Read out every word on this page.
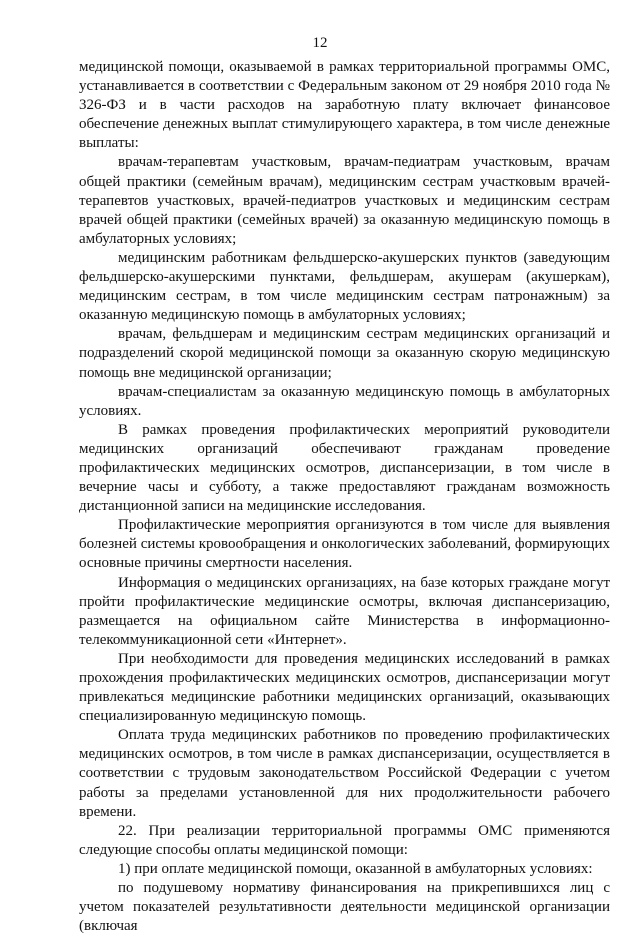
12

медицинской помощи, оказываемой в рамках территориальной программы ОМС, устанавливается в соответствии с Федеральным законом от 29 ноября 2010 года № 326-ФЗ и в части расходов на заработную плату включает финансовое обеспечение денежных выплат стимулирующего характера, в том числе денежные выплаты:

врачам-терапевтам участковым, врачам-педиатрам участковым, врачам общей практики (семейным врачам), медицинским сестрам участковым врачей-терапевтов участковых, врачей-педиатров участковых и медицинским сестрам врачей общей практики (семейных врачей) за оказанную медицинскую помощь в амбулаторных условиях;

медицинским работникам фельдшерско-акушерских пунктов (заведующим фельдшерско-акушерскими пунктами, фельдшерам, акушерам (акушеркам), медицинским сестрам, в том числе медицинским сестрам патронажным) за оказанную медицинскую помощь в амбулаторных условиях;

врачам, фельдшерам и медицинским сестрам медицинских организаций и подразделений скорой медицинской помощи за оказанную скорую медицинскую помощь вне медицинской организации;

врачам-специалистам за оказанную медицинскую помощь в амбулаторных условиях.

В рамках проведения профилактических мероприятий руководители медицинских организаций обеспечивают гражданам проведение профилактических медицинских осмотров, диспансеризации, в том числе в вечерние часы и субботу, а также предоставляют гражданам возможность дистанционной записи на медицинские исследования.

Профилактические мероприятия организуются в том числе для выявления болезней системы кровообращения и онкологических заболеваний, формирующих основные причины смертности населения.

Информация о медицинских организациях, на базе которых граждане могут пройти профилактические медицинские осмотры, включая диспансеризацию, размещается на официальном сайте Министерства в информационно-телекоммуникационной сети «Интернет».

При необходимости для проведения медицинских исследований в рамках прохождения профилактических медицинских осмотров, диспансеризации могут привлекаться медицинские работники медицинских организаций, оказывающих специализированную медицинскую помощь.

Оплата труда медицинских работников по проведению профилактических медицинских осмотров, в том числе в рамках диспансеризации, осуществляется в соответствии с трудовым законодательством Российской Федерации с учетом работы за пределами установленной для них продолжительности рабочего времени.

22. При реализации территориальной программы ОМС применяются следующие способы оплаты медицинской помощи:

1) при оплате медицинской помощи, оказанной в амбулаторных условиях:

по подушевому нормативу финансирования на прикрепившихся лиц с учетом показателей результативности деятельности медицинской организации (включая
